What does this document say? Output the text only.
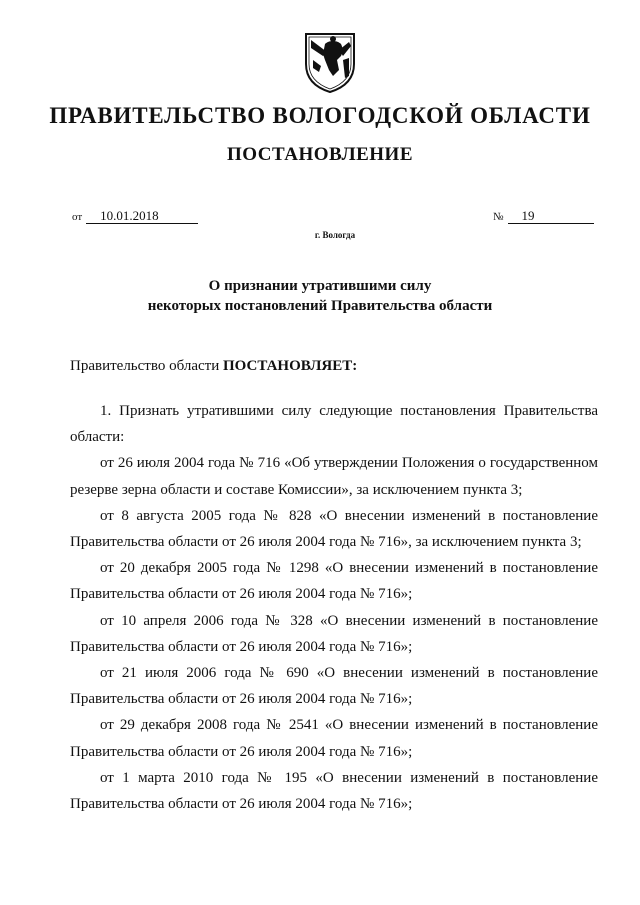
ПРАВИТЕЛЬСТВО ВОЛОГОДСКОЙ ОБЛАСТИ
ПОСТАНОВЛЕНИЕ
от 10.01.2018	№ 19
г. Вологда
О признании утратившими силу
некоторых постановлений Правительства области
Правительство области ПОСТАНОВЛЯЕТ:

1. Признать утратившими силу следующие постановления Правительства области:

от 26 июля 2004 года № 716 «Об утверждении Положения о государственном резерве зерна области и составе Комиссии», за исключением пункта 3;

от 8 августа 2005 года № 828 «О внесении изменений в постановление Правительства области от 26 июля 2004 года № 716», за исключением пункта 3;

от 20 декабря 2005 года № 1298 «О внесении изменений в постановление Правительства области от 26 июля 2004 года № 716»;

от 10 апреля 2006 года № 328 «О внесении изменений в постановление Правительства области от 26 июля 2004 года № 716»;

от 21 июля 2006 года № 690 «О внесении изменений в постановление Правительства области от 26 июля 2004 года № 716»;

от 29 декабря 2008 года № 2541 «О внесении изменений в постановление Правительства области от 26 июля 2004 года № 716»;

от 1 марта 2010 года № 195 «О внесении изменений в постановление Правительства области от 26 июля 2004 года № 716»;
